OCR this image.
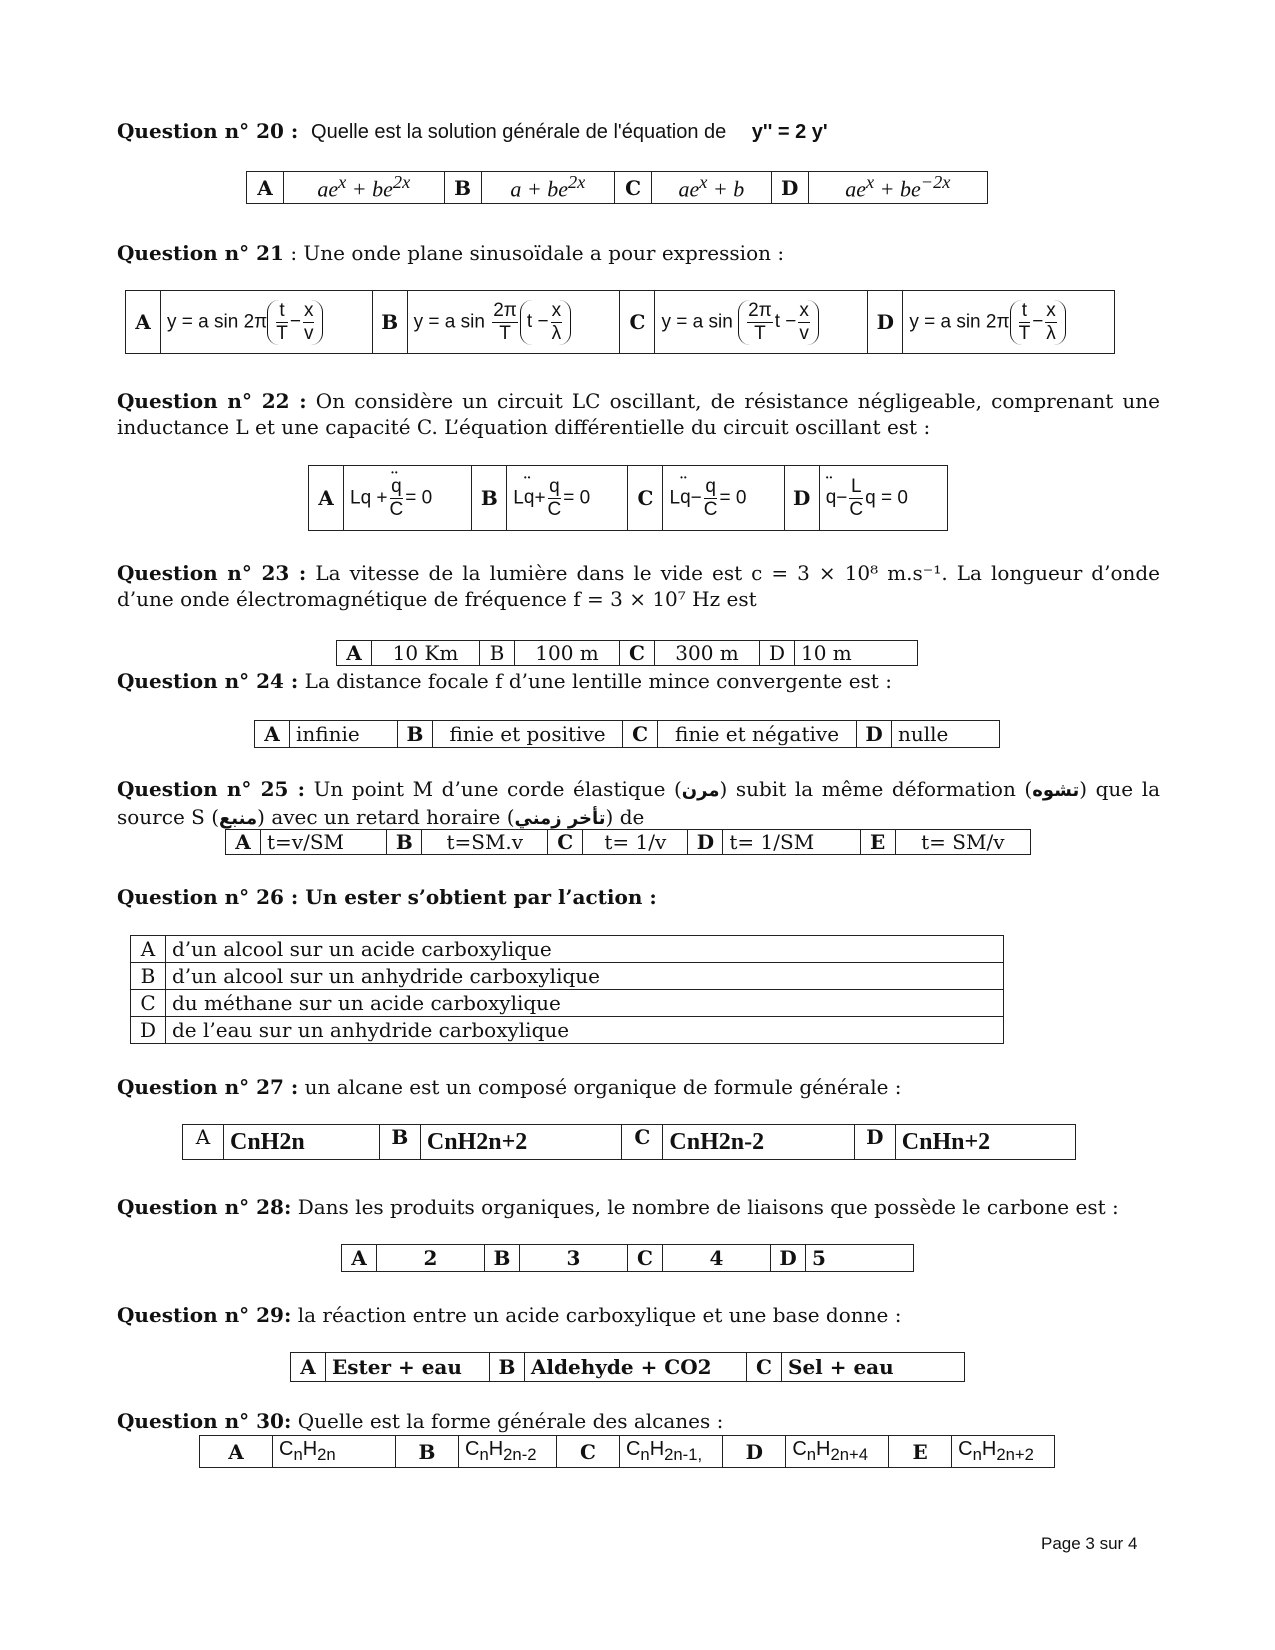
Question n° 20 : Quelle est la solution générale de l'équation de y'' = 2 y'

A	$ae^x + be^{2x}$	B	$a + be^{2x}$	C	$ae^x + b$	D	$ae^x + be^{-2x}$

Question n° 21 : Une onde plane sinusoïdale a pour expression :

A	y = a $\sin 2\pi \frac{t}{T} - \frac{x}{v}$	B	y = a $\sin \frac{2\pi}{T}$ $t - \frac{x}{\lambda}$	C	y = a $\sin \frac{2\pi}{T}$ $t - \frac{x}{v}$	D	y = a $\sin 2\pi \frac{t}{T} - \frac{x}{\lambda}$

Question n° 22 : On considère un circuit LC oscillant, de résistance négligeable, comprenant une inductance L et une capacité C. L’équation différentielle du circuit oscillant est :

A	Lq + •• $\frac{q}{C} = 0$	B	L•• $q+ \frac{q}{C} = 0$	C	L•• $q- \frac{q}{C} = 0$	D	••q− $\frac{L}{C}$ q = 0

Question n° 23 : La vitesse de la lumière dans le vide est c = 3 × 10⁸ m.s⁻¹. La longueur d’onde d’une onde électromagnétique de fréquence f = 3 × 10⁷ Hz est

A	10 Km	B	100 m	C	300 m	D	10 m

Question n° 24 : La distance focale f d’une lentille mince convergente est :

A	infinie	B	finie et positive	C	finie et négative	D	nulle

Question n° 25 : Un point M d’une corde élastique (مرن) subit la même déformation (تشوه) que la source S (منبع) avec un retard horaire (تأخر زمني) de

A	t=v/SM	B	t=SM.v	C	t= 1/v	D	t= 1/SM	E	t= SM/v

Question n° 26 : Un ester s’obtient par l’action :

A	d’un alcool sur un acide carboxylique
B	d’un alcool sur un anhydride carboxylique
C	du méthane sur un acide carboxylique
D	de l’eau sur un anhydride carboxylique

Question n° 27 : un alcane est un composé organique de formule générale :

A	CnH2n	B	CnH2n+2	C	CnH2n-2	D	CnHn+2

Question n° 28: Dans les produits organiques, le nombre de liaisons que possède le carbone est :

A	2	B	3	C	4	D	5

Question n° 29: la réaction entre un acide carboxylique et une base donne :

A	Ester + eau	B	Aldehyde + CO2	C	Sel + eau

Question n° 30: Quelle est la forme générale des alcanes :

A	$C_nH_{2n}$	B	$C_nH_{2n-2}$	C	$C_nH_{2n-1,}$	D	$C_nH_{2n+4}$	E	$C_nH_{2n+2}$
Page 3 sur 4
